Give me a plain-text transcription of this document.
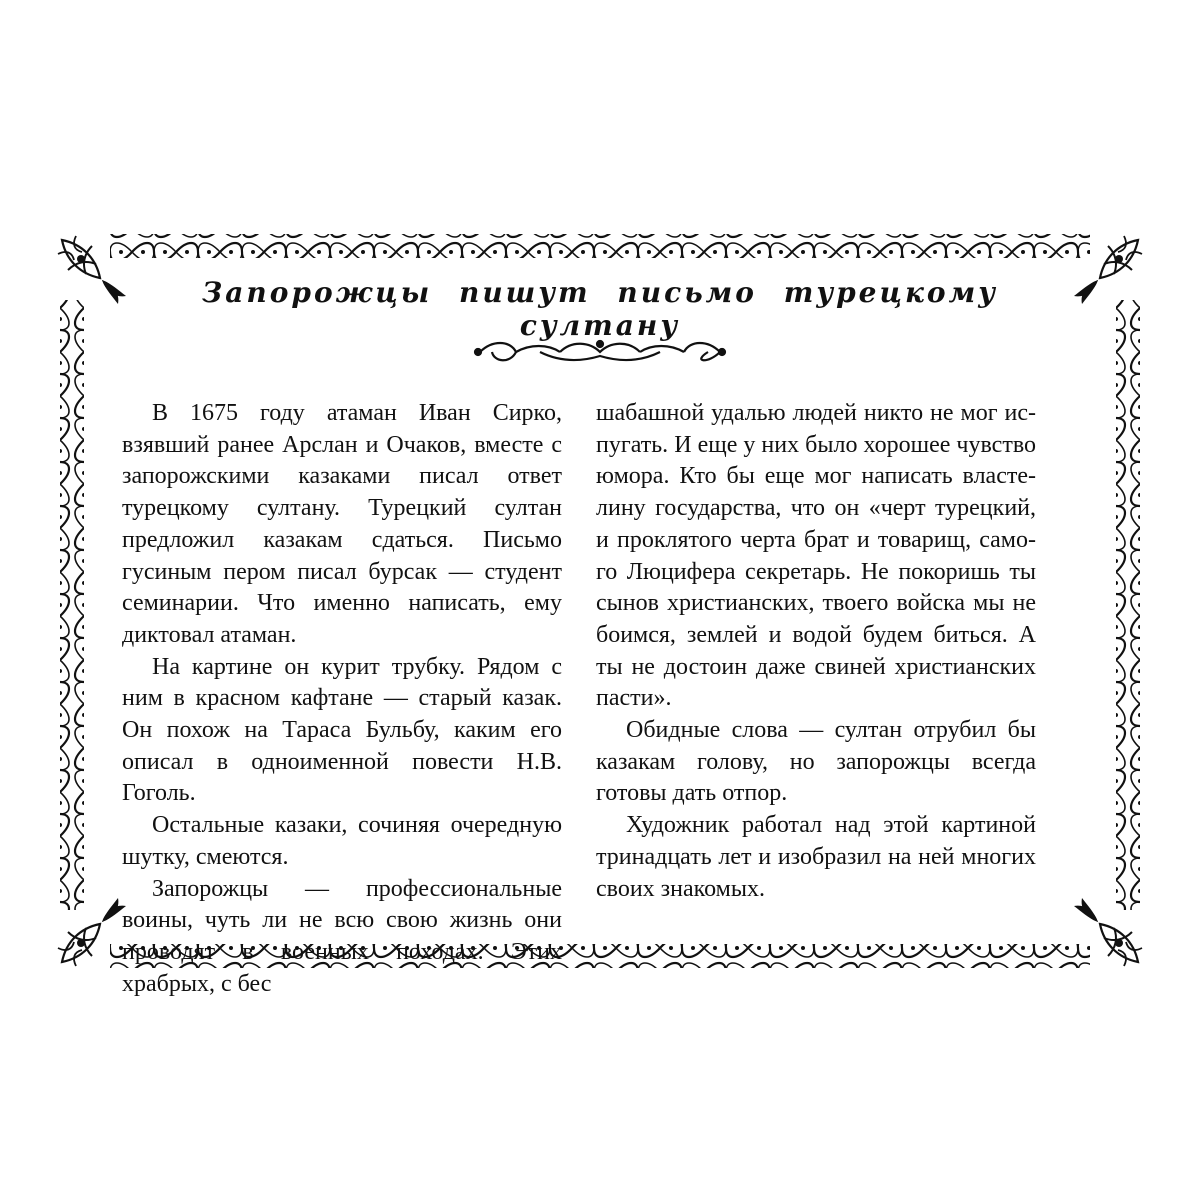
Запорожцы пишут письмо турецкому султану

В 1675 году атаман Иван Сирко, взявший ранее Арслан и Очаков, вместе с запорожскими казаками писал ответ турецкому султану. Турецкий султан предложил казакам сдаться. Письмо гусиным пером писал бурсак — студент семинарии. Что именно написать, ему диктовал атаман.

На картине он курит трубку. Рядом с ним в красном кафтане — старый казак. Он похож на Тараса Бульбу, каким его описал в одноименной повести Н.В. Гоголь.

Остальные казаки, сочиняя очередную шутку, смеются.

Запорожцы — профессиональные воины, чуть ли не всю свою жизнь они проводят в военных походах. Этих храбрых, с бес

шабашной удалью людей никто не мог испугать. И еще у них было хорошее чувство юмора. Кто бы еще мог написать властелину государства, что он «черт турецкий, и проклятого черта брат и товарищ, самого Люцифера секретарь. Не покоришь ты сынов христианских, твоего войска мы не боимся, землей и водой будем биться. А ты не достоин даже свиней христианских пасти».

Обидные слова — султан отрубил бы казакам голову, но запорожцы всегда готовы дать отпор.

Художник работал над этой картиной тринадцать лет и изобразил на ней многих своих знакомых.
